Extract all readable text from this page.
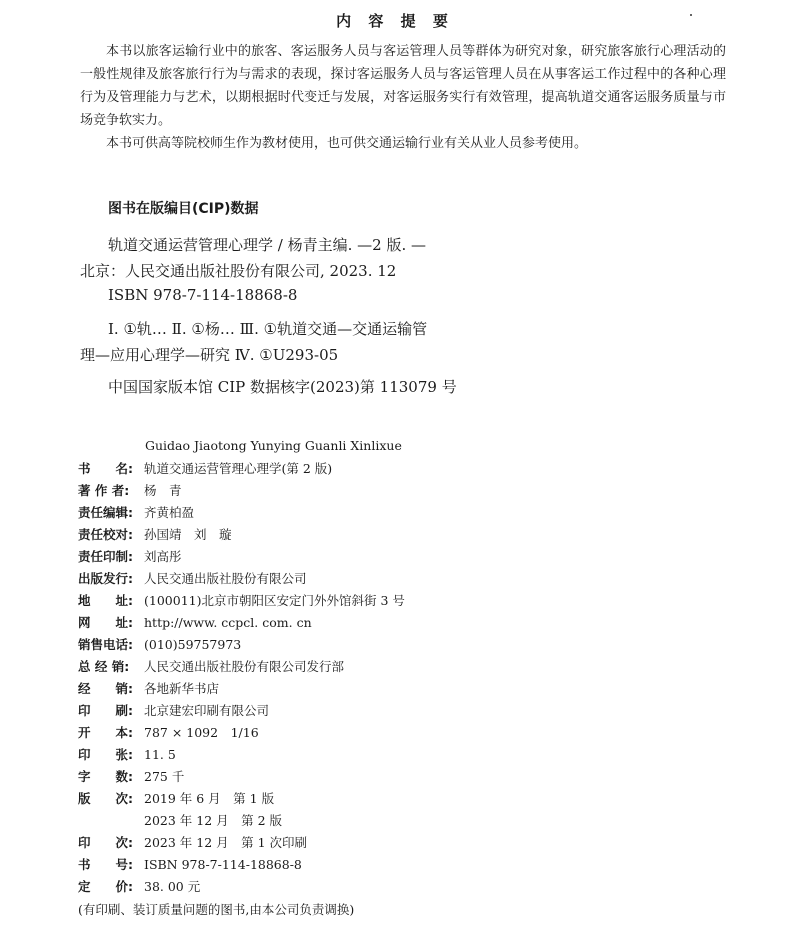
内 容 提 要
本书以旅客运输行业中的旅客、客运服务人员与客运管理人员等群体为研究对象，研究旅客旅行心理活动的一般性规律及旅客旅行行为与需求的表现，探讨客运服务人员与客运管理人员在从事客运工作过程中的各种心理行为及管理能力与艺术，以期根据时代变迁与发展，对客运服务实行有效管理，提高轨道交通客运服务质量与市场竞争软实力。
本书可供高等院校师生作为教材使用，也可供交通运输行业有关从业人员参考使用。
图书在版编目(CIP)数据
轨道交通运营管理心理学 / 杨青主编. —2 版. —
北京：人民交通出版社股份有限公司, 2023. 12
ISBN 978-7-114-18868-8
Ⅰ. ①轨… Ⅱ. ①杨… Ⅲ. ①轨道交通—交通运输管
理—应用心理学—研究 Ⅳ. ①U293-05
中国国家版本馆 CIP 数据核字(2023)第 113079 号
Guidao Jiaotong Yunying Guanli Xinlixue
书　　名: 轨道交通运营管理心理学(第 2 版)
著 作 者:	杨　青
责任编辑: 齐黄柏盈
责任校对: 孙国靖　刘　璇
责任印制: 刘高彤
出版发行: 人民交通出版社股份有限公司
地　　址: (100011)北京市朝阳区安定门外外馆斜街 3 号
网　　址: http://www. ccpcl. com. cn
销售电话: (010)59757973
总 经 销:	人民交通出版社股份有限公司发行部
经　　销: 各地新华书店
印　　刷: 北京建宏印刷有限公司
开　　本: 787 × 1092　1/16
印　　张: 11. 5
字　　数: 275 千
版　　次: 2019 年 6 月　第 1 版
2023 年 12 月　第 2 版
印　　次: 2023 年 12 月　第 1 次印刷
书　　号: ISBN 978-7-114-18868-8
定　　价: 38. 00 元
(有印刷、装订质量问题的图书,由本公司负责调换)
